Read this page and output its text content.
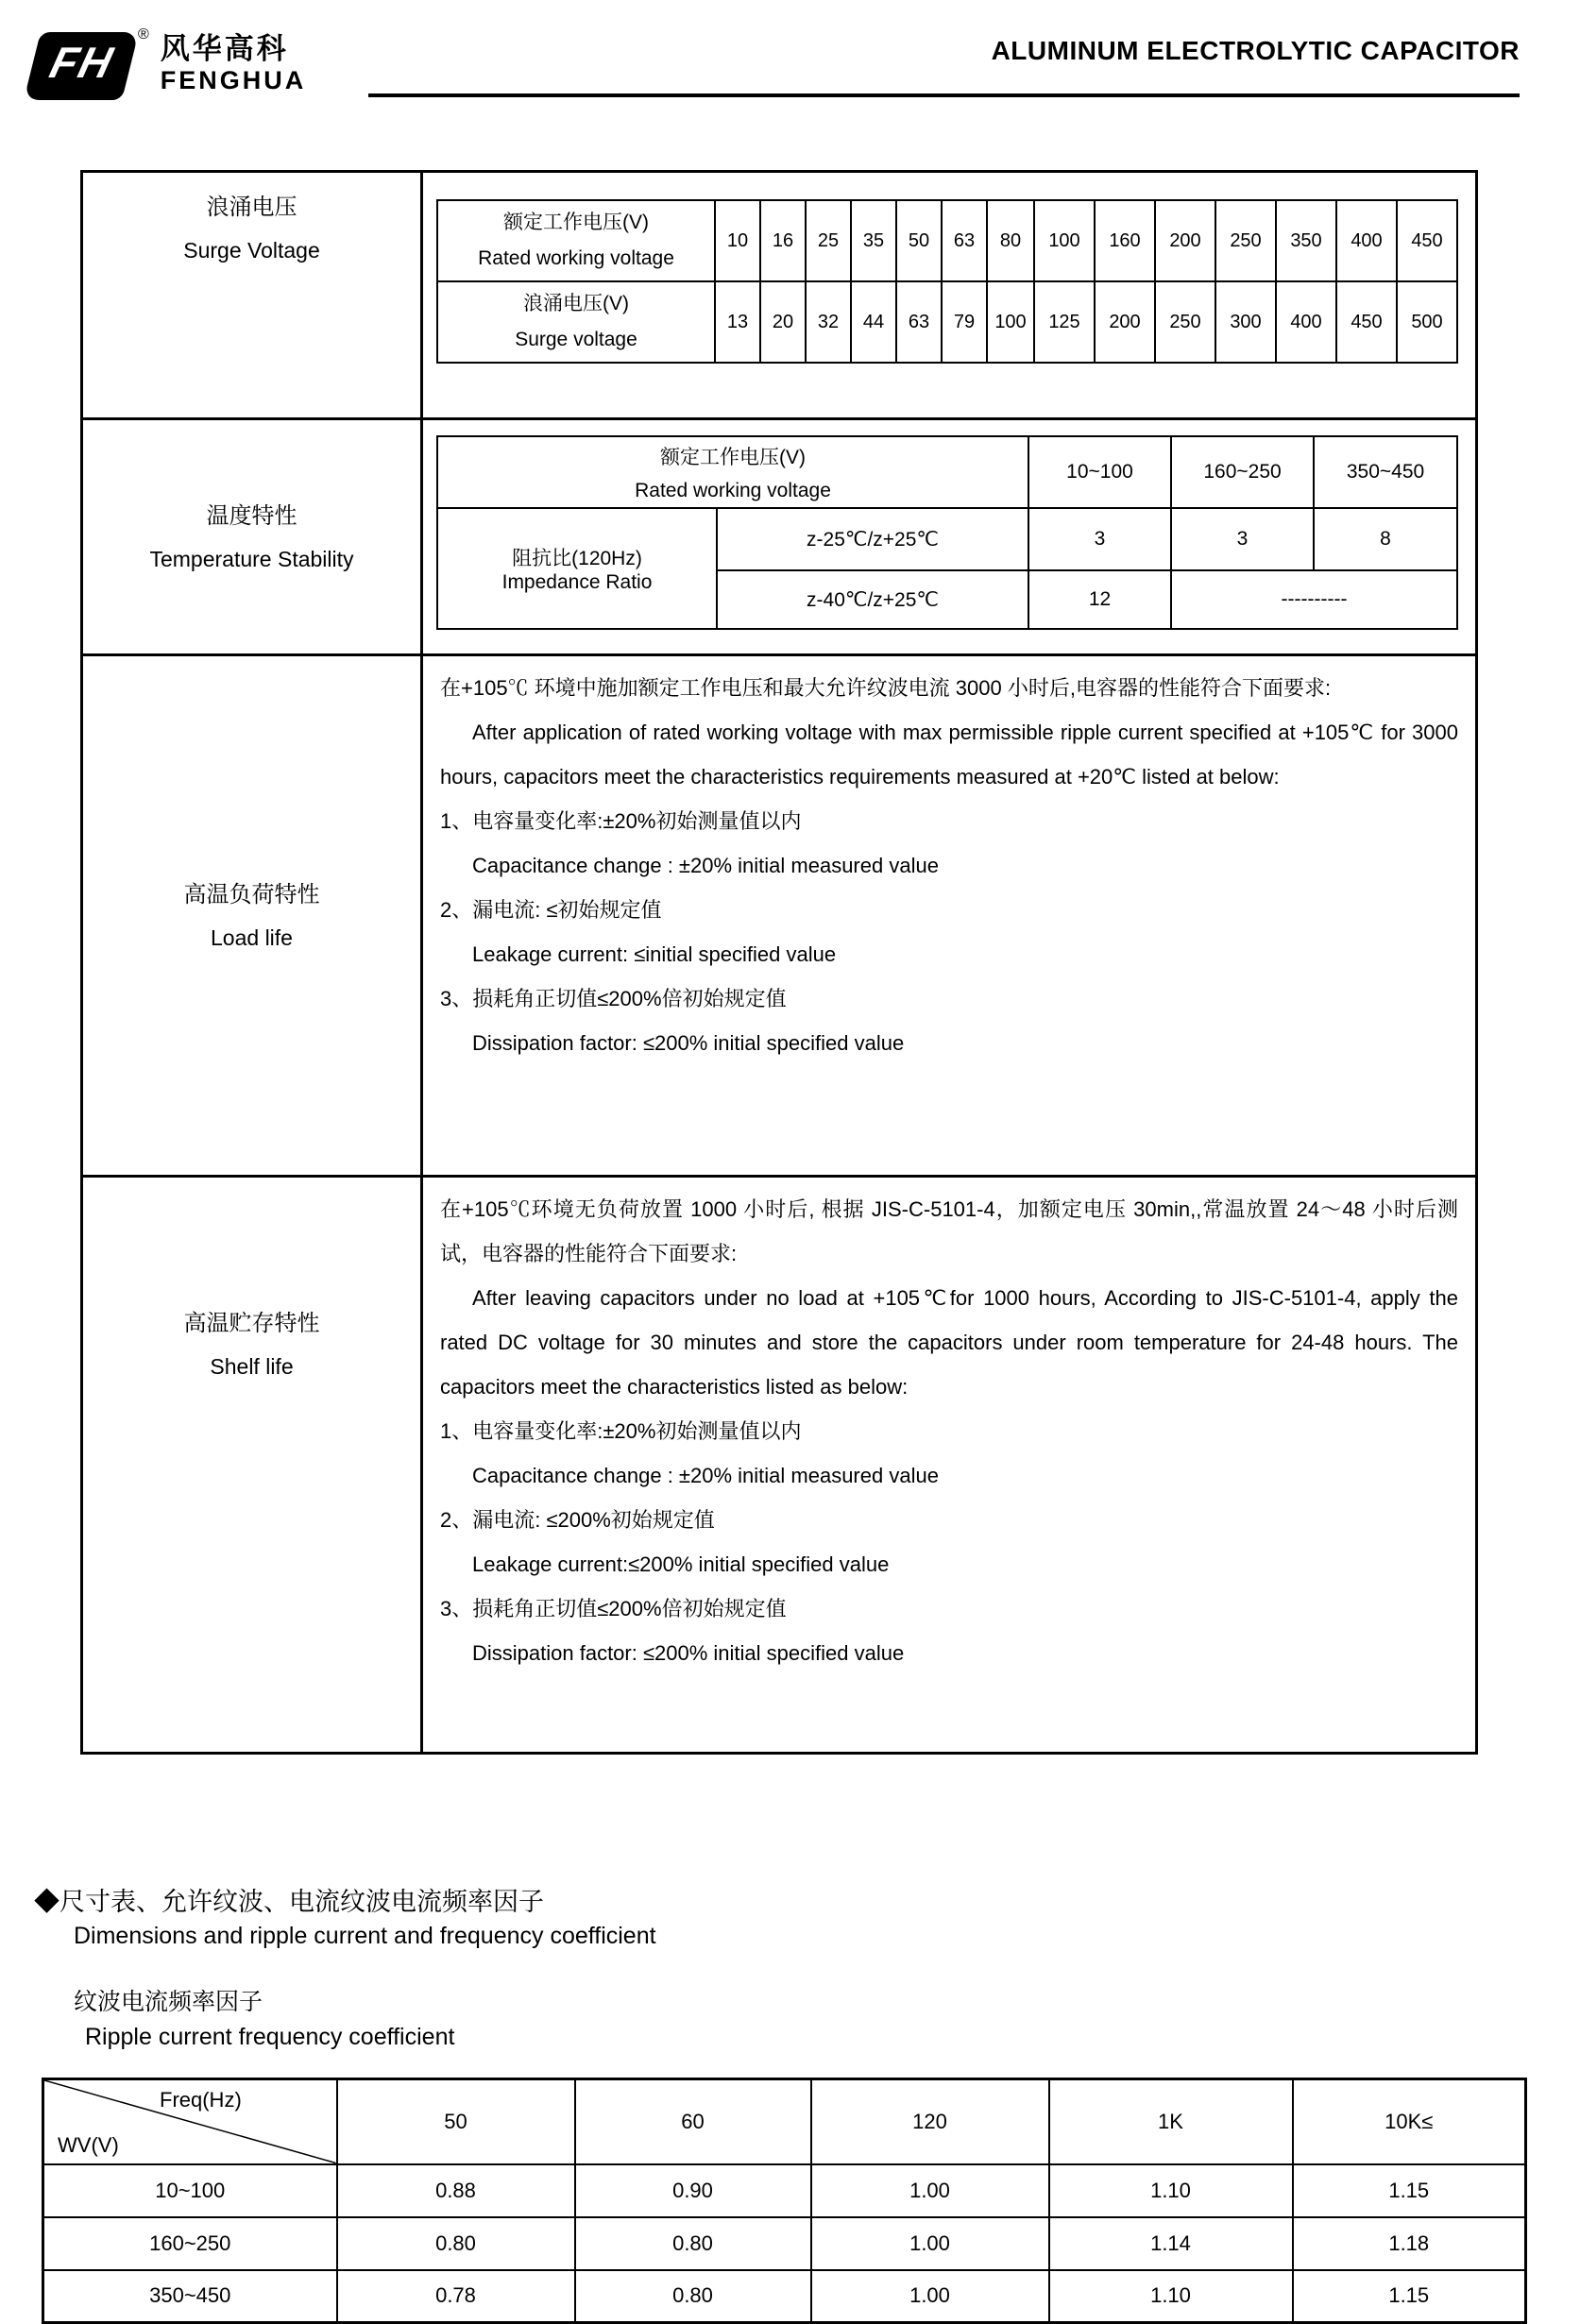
FH
® 风华高科
FENGHUA
ALUMINUM ELECTROLYTIC CAPACITOR
浪涌电压
Surge Voltage

额定工作电压(V)
Rated working voltage
	10	16	25	35	50	63	80	100	160	200	250	350	400	450

浪涌电压(V)
Surge voltage
	13	20	32	44	63	79	100	125	200	250	300	400	450	500

温度特性
Temperature Stability

额定工作电压(V)
Rated working voltage
	10~100	160~250	350~450

阻抗比(120Hz)
Impedance Ratio
	z-25℃/z+25℃	3	3	8
z-40℃/z+25℃	12	----------

高温负荷特性
Load life

在+105℃ 环境中施加额定工作电压和最大允许纹波电流 3000 小时后,电容器的性能符合下面要求:
After application of rated working voltage with max permissible ripple current specified at +105℃ for 3000 hours, capacitors meet the characteristics requirements measured at +20℃ listed at below:
1、电容量变化率:±20%初始测量值以内
Capacitance change : ±20% initial measured value
2、漏电流: ≤初始规定值
Leakage current: ≤initial specified value
3、损耗角正切值≤200%倍初始规定值
Dissipation factor: ≤200% initial specified value

高温贮存特性
Shelf life

在+105℃环境无负荷放置 1000 小时后, 根据 JIS-C-5101-4，加额定电压 30min,,常温放置 24～48 小时后测试，电容器的性能符合下面要求:
After leaving capacitors under no load at +105℃for 1000 hours, According to JIS-C-5101-4, apply the rated DC voltage for 30 minutes and store the capacitors under room temperature for 24-48 hours. The capacitors meet the characteristics listed as below:
1、电容量变化率:±20%初始测量值以内
Capacitance change : ±20% initial measured value
2、漏电流: ≤200%初始规定值
Leakage current:≤200% initial specified value
3、损耗角正切值≤200%倍初始规定值
Dissipation factor: ≤200% initial specified value
◆尺寸表、允许纹波、电流纹波电流频率因子
Dimensions and ripple current and frequency coefficient
纹波电流频率因子
Ripple current frequency coefficient
Freq(Hz)
WV(V)	50	60	120	1K	10K≤
10~100	0.88	0.90	1.00	1.10	1.15
160~250	0.80	0.80	1.00	1.14	1.18
350~450	0.78	0.80	1.00	1.10	1.15
